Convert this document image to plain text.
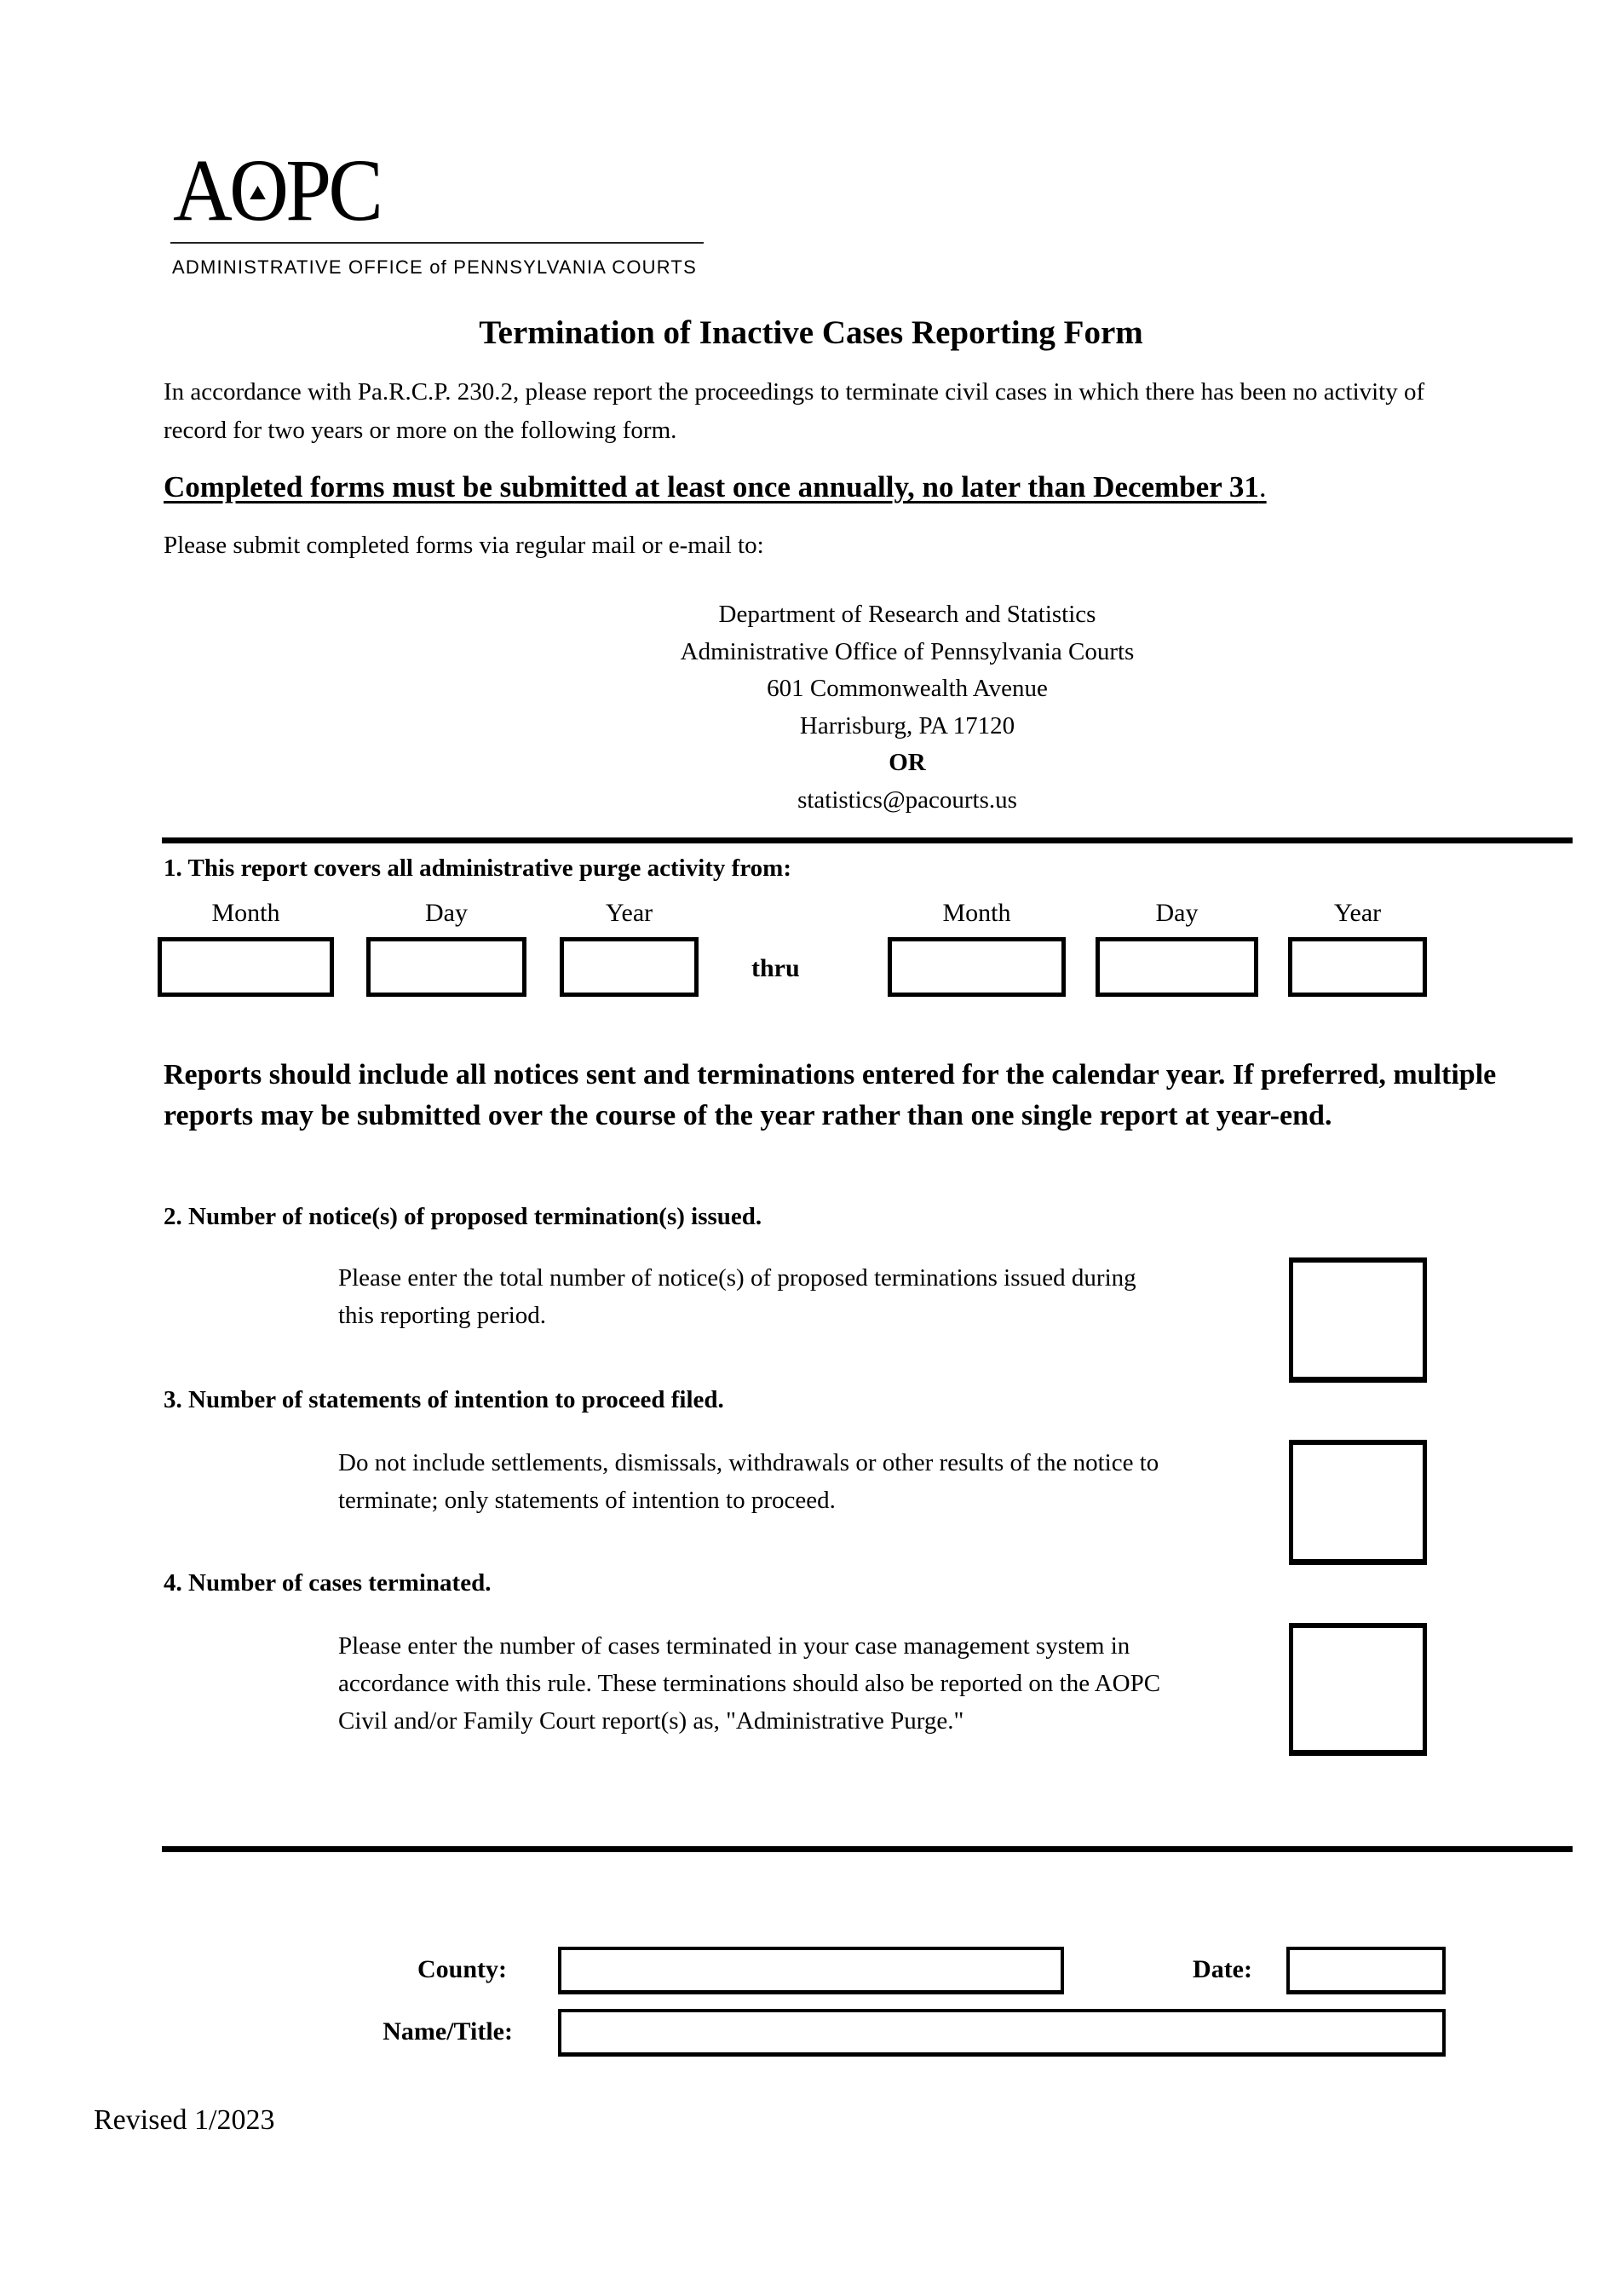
AO
PC
ADMINISTRATIVE OFFICE of PENNSYLVANIA COURTS
Termination of Inactive Cases Reporting Form
In accordance with Pa.R.C.P. 230.2, please report the proceedings to terminate civil cases in which there has been no activity of
record for two years or more on the following form.
Completed forms must be submitted at least once annually, no later than December 31.
Please submit completed forms via regular mail or e-mail to:
Department of Research and Statistics
Administrative Office of Pennsylvania Courts
601 Commonwealth Avenue
Harrisburg, PA 17120
OR
statistics@pacourts.us
1. This report covers all administrative purge activity from:
Month	Day	Year
thru
Month	Day	Year
Reports should include all notices sent and terminations entered for the calendar year. If preferred, multiple
reports may be submitted over the course of the year rather than one single report at year-end.
2. Number of notice(s) of proposed termination(s) issued.
Please enter the total number of notice(s) of proposed terminations issued during
this reporting period.
3. Number of statements of intention to proceed filed.
Do not include settlements, dismissals, withdrawals or other results of the notice to
terminate; only statements of intention to proceed.
4. Number of cases terminated.
Please enter the number of cases terminated in your case management system in
accordance with this rule. These terminations should also be reported on the AOPC
Civil and/or Family Court report(s) as, "Administrative Purge."
County:	Date:
Name/Title:
Revised 1/2023
